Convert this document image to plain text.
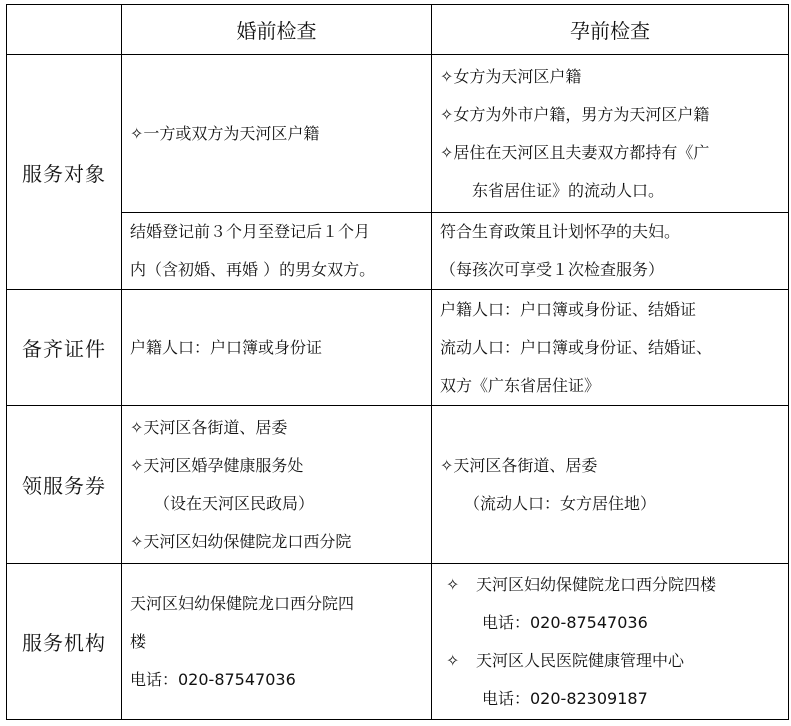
	婚前检查	孕前检查
服务对象	✧一方或双方为天河区户籍	✧女方为天河区户籍
✧女方为外市户籍，男方为天河区户籍
✧居住在天河区且夫妻双方都持有《广
东省居住证》的流动人口。

	结婚登记前３个月至登记后１个月
内（含初婚、再婚 ）的男女双方。	符合生育政策且计划怀孕的夫妇。
（每孩次可享受１次检查服务）

备齐证件	户籍人口：户口簿或身份证	户籍人口：户口簿或身份证、结婚证
流动人口：户口簿或身份证、结婚证、
双方《广东省居住证》

领服务券	✧天河区各街道、居委
✧天河区婚孕健康服务处
（设在天河区民政局）
✧天河区妇幼保健院龙口西分院	✧天河区各街道、居委
（流动人口：女方居住地）

服务机构	天河区妇幼保健院龙口西分院四
楼
电话：020-87547036	✧ 天河区妇幼保健院龙口西分院四楼
电话：020-87547036
✧ 天河区人民医院健康管理中心
电话：020-82309187
